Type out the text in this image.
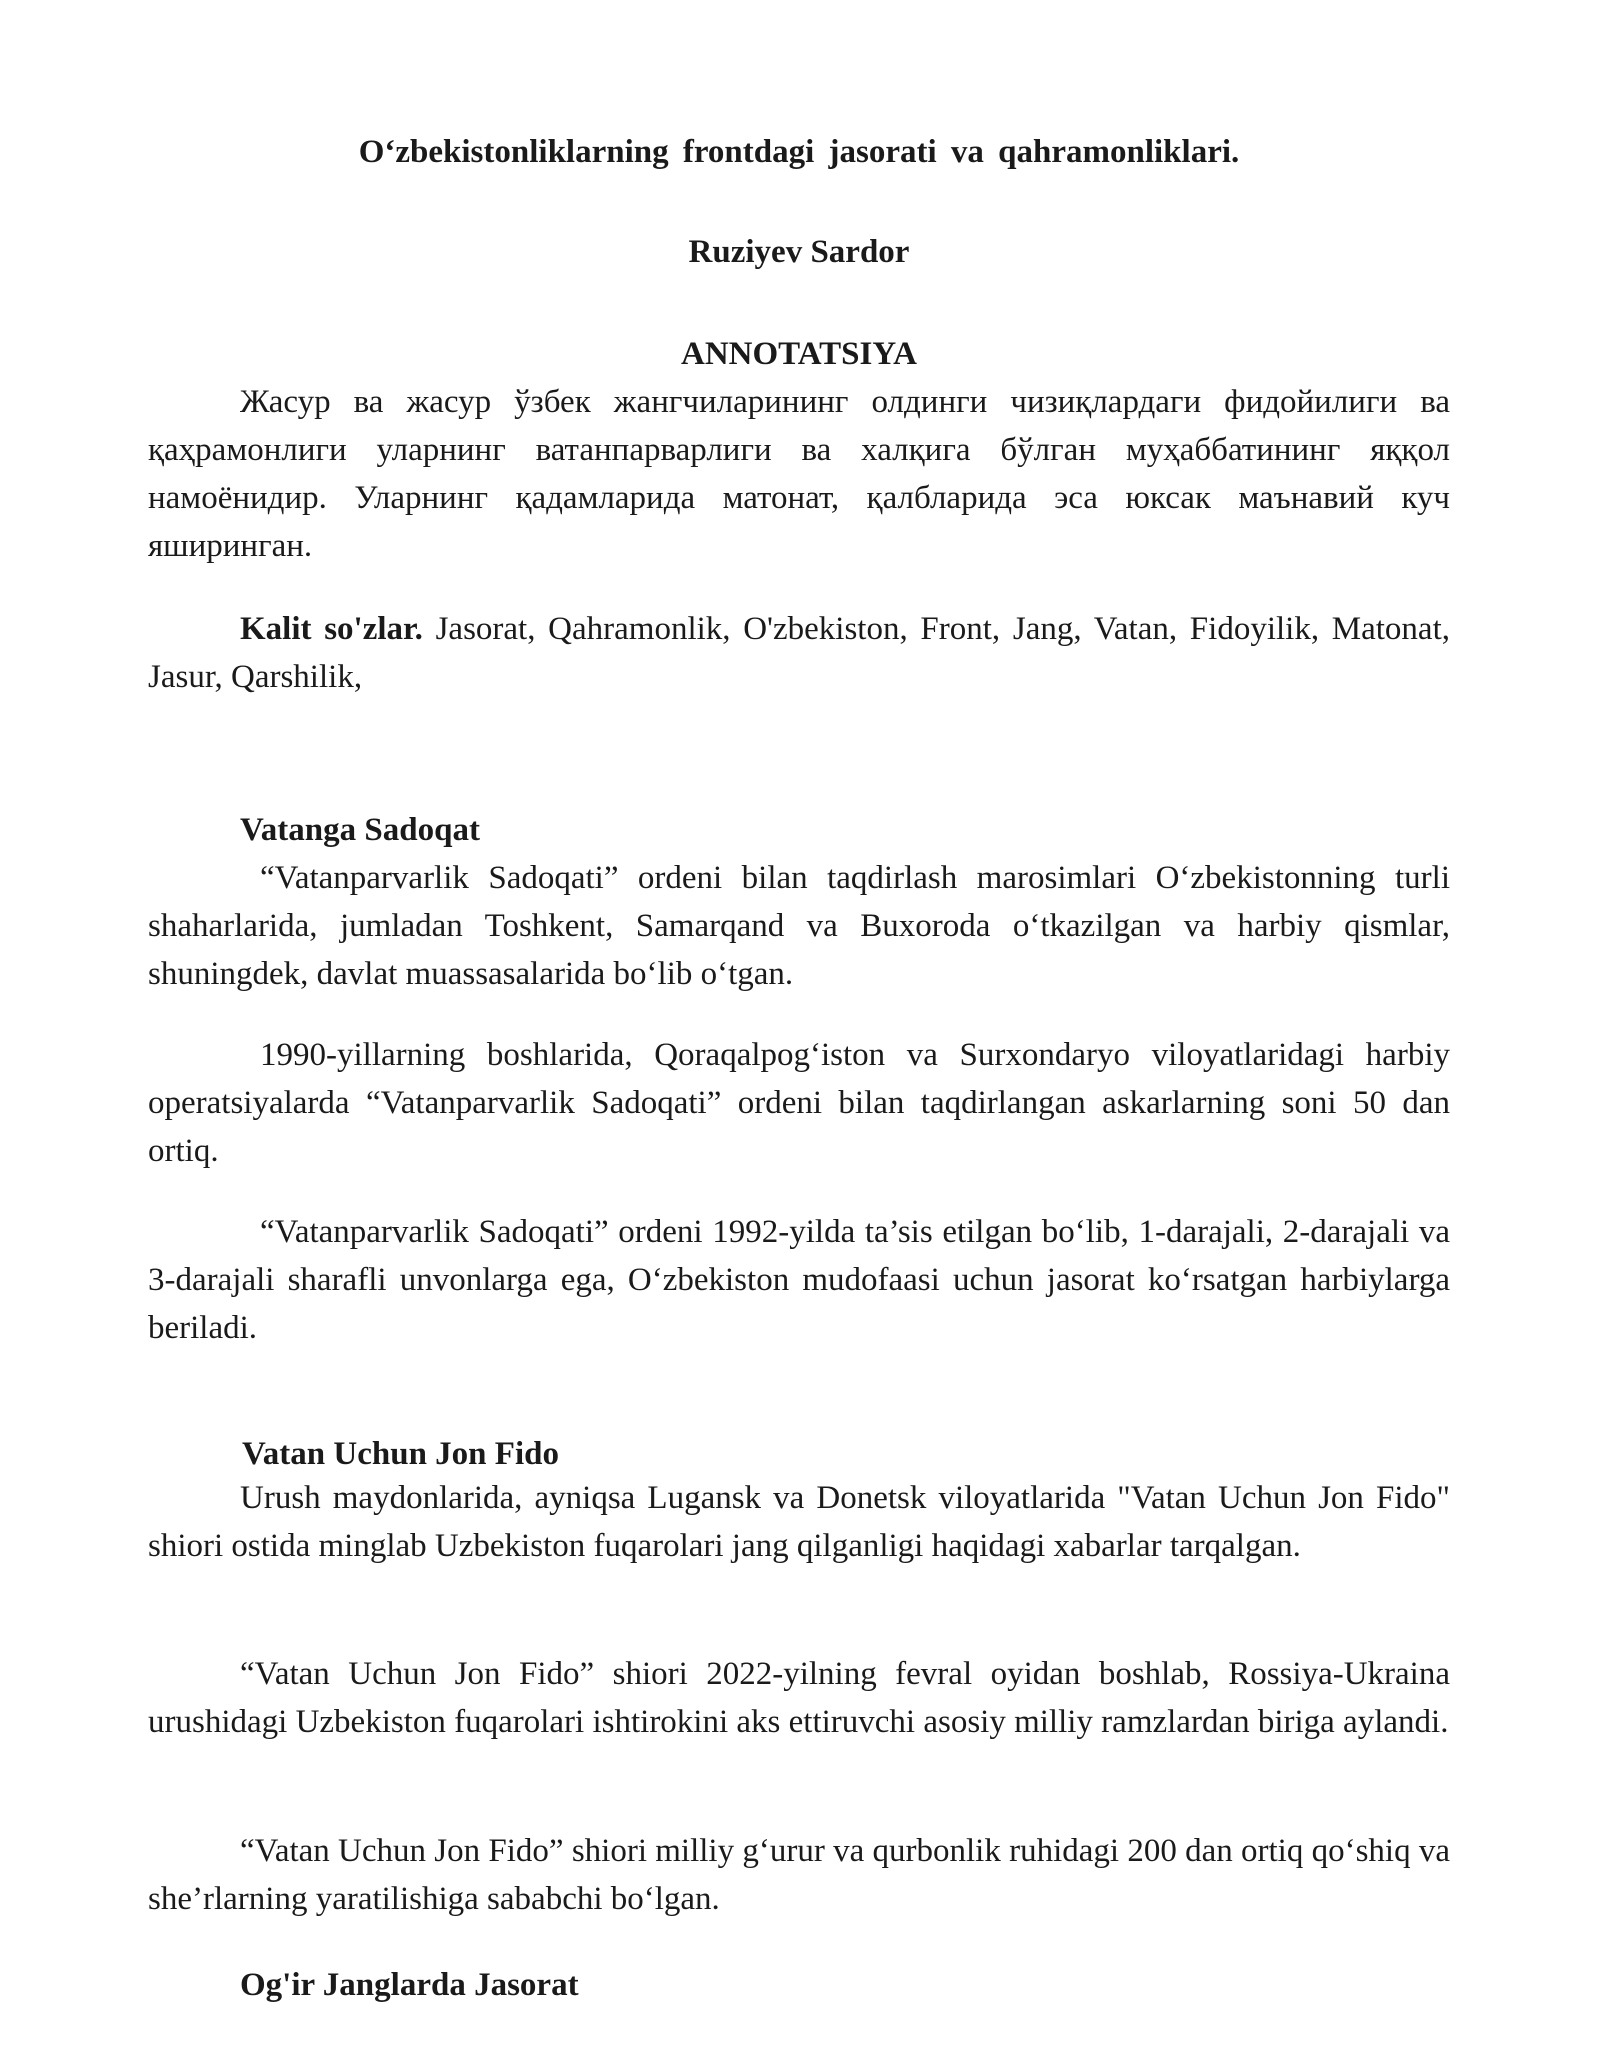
O‘zbekistonliklarning frontdagi jasorati va qahramonliklari.
Ruziyev Sardor
ANNOTATSIYA

Жасур ва жасур ўзбек жангчиларининг олдинги чизиқлардаги фидойилиги ва қаҳрамонлиги уларнинг ватанпарварлиги ва халқига бўлган муҳаббатининг яққол намоёнидир. Уларнинг қадамларида матонат, қалбларида эса юксак маънавий куч яширинган.

Kalit so'zlar. Jasorat, Qahramonlik, O'zbekiston, Front, Jang, Vatan, Fidoyilik, Matonat, Jasur, Qarshilik,

Vatanga Sadoqat

“Vatanparvarlik Sadoqati” ordeni bilan taqdirlash marosimlari O‘zbekistonning turli shaharlarida, jumladan Toshkent, Samarqand va Buxoroda o‘tkazilgan va harbiy qismlar, shuningdek, davlat muassasalarida bo‘lib o‘tgan.

1990-yillarning boshlarida, Qoraqalpog‘iston va Surxondaryo viloyatlaridagi harbiy operatsiyalarda “Vatanparvarlik Sadoqati” ordeni bilan taqdirlangan askarlarning soni 50 dan ortiq.

“Vatanparvarlik Sadoqati” ordeni 1992-yilda ta’sis etilgan bo‘lib, 1-darajali, 2-darajali va 3-darajali sharafli unvonlarga ega, O‘zbekiston mudofaasi uchun jasorat ko‘rsatgan harbiylarga beriladi.

Vatan Uchun Jon Fido

Urush maydonlarida, ayniqsa Lugansk va Donetsk viloyatlarida "Vatan Uchun Jon Fido" shiori ostida minglab Uzbekiston fuqarolari jang qilganligi haqidagi xabarlar tarqalgan.

“Vatan Uchun Jon Fido” shiori 2022-yilning fevral oyidan boshlab, Rossiya-Ukraina urushidagi Uzbekiston fuqarolari ishtirokini aks ettiruvchi asosiy milliy ramzlardan biriga aylandi.

“Vatan Uchun Jon Fido” shiori milliy g‘urur va qurbonlik ruhidagi 200 dan ortiq qo‘shiq va she’rlarning yaratilishiga sababchi bo‘lgan.

Og'ir Janglarda Jasorat
